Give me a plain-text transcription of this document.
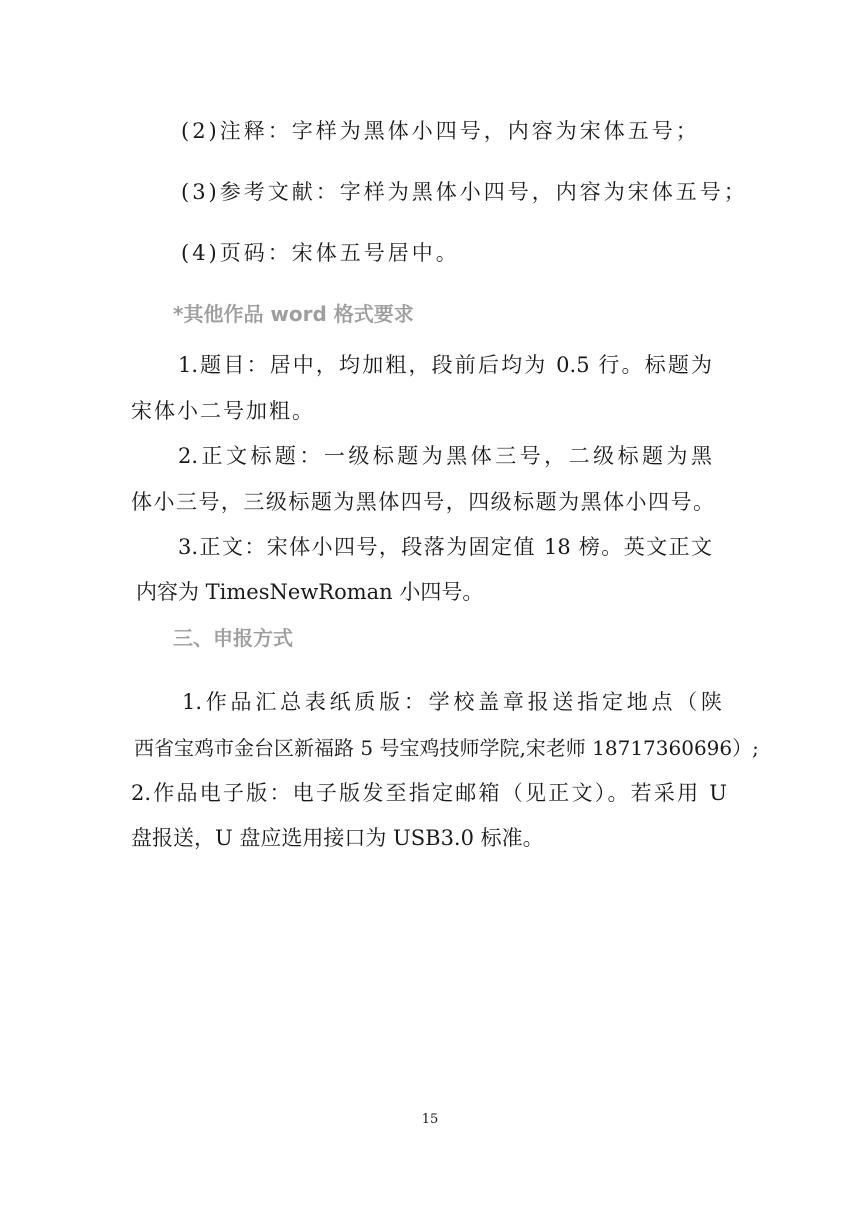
(2)注释：字样为黑体小四号，内容为宋体五号；
(3)参考文献：字样为黑体小四号，内容为宋体五号；
(4)页码：宋体五号居中。
*其他作品 word 格式要求
1.题目：居中，均加粗，段前后均为 0.5 行。标题为
宋体小二号加粗。
2.正文标题：一级标题为黑体三号，二级标题为黑
体小三号，三级标题为黑体四号，四级标题为黑体小四号。
3.正文：宋体小四号，段落为固定值 18 榜。英文正文
内容为 TimesNewRoman 小四号。
三、申报方式
1.作品汇总表纸质版：学校盖章报送指定地点（陕
西省宝鸡市金台区新福路 5 号宝鸡技师学院,宋老师 18717360696）;
2.作品电子版：电子版发至指定邮箱（见正文）。若采用 U
盘报送，U 盘应选用接口为 USB3.0 标准。
15
